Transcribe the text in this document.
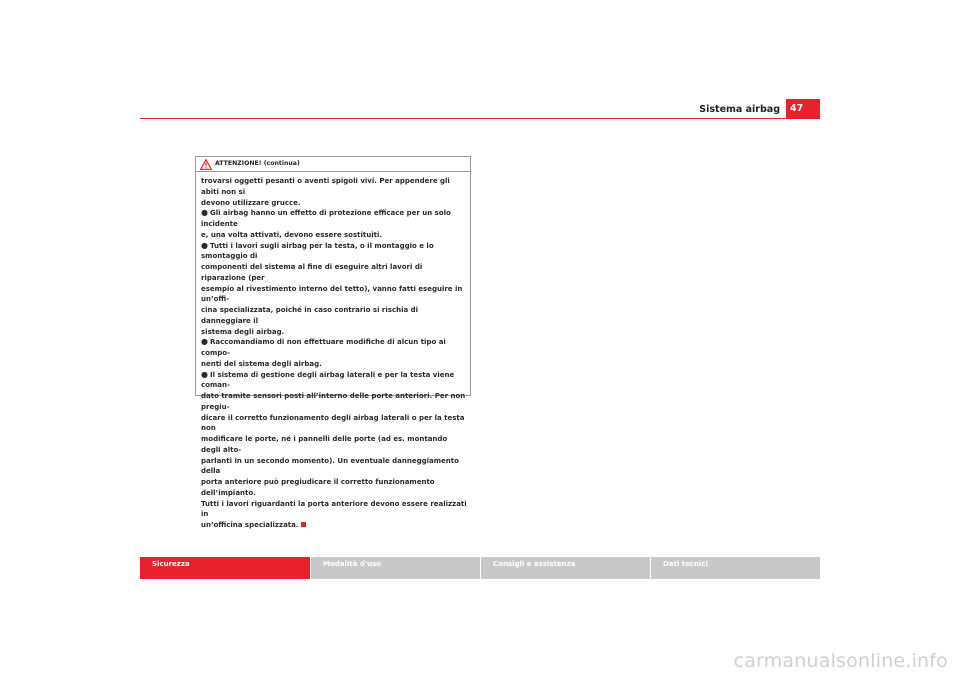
Sistema airbag	47
ATTENZIONE! (continua)

trovarsi oggetti pesanti o aventi spigoli vivi. Per appendere gli abiti non si

devono utilizzare grucce.

● Gli airbag hanno un effetto di protezione efficace per un solo incidente

e, una volta attivati, devono essere sostituiti.

● Tutti i lavori sugli airbag per la testa, o il montaggio e lo smontaggio di

componenti del sistema al fine di eseguire altri lavori di riparazione (per

esempio al rivestimento interno del tetto), vanno fatti eseguire in un’offi-

cina specializzata, poiché in caso contrario si rischia di danneggiare il

sistema degli airbag.

● Raccomandiamo di non effettuare modifiche di alcun tipo ai compo-

nenti del sistema degli airbag.

● Il sistema di gestione degli airbag laterali e per la testa viene coman-

dato tramite sensori posti all’interno delle porte anteriori. Per non pregiu-

dicare il corretto funzionamento degli airbag laterali o per la testa non

modificare le porte, né i pannelli delle porte (ad es. montando degli alto-

parlanti in un secondo momento). Un eventuale danneggiamento della

porta anteriore può pregiudicare il corretto funzionamento dell’impianto.

Tutti i lavori riguardanti la porta anteriore devono essere realizzati in

un’officina specializzata.

Sicurezza	Modalità d'uso	Consigli e assistenza	Dati tecnici
carmanualsonline.info
